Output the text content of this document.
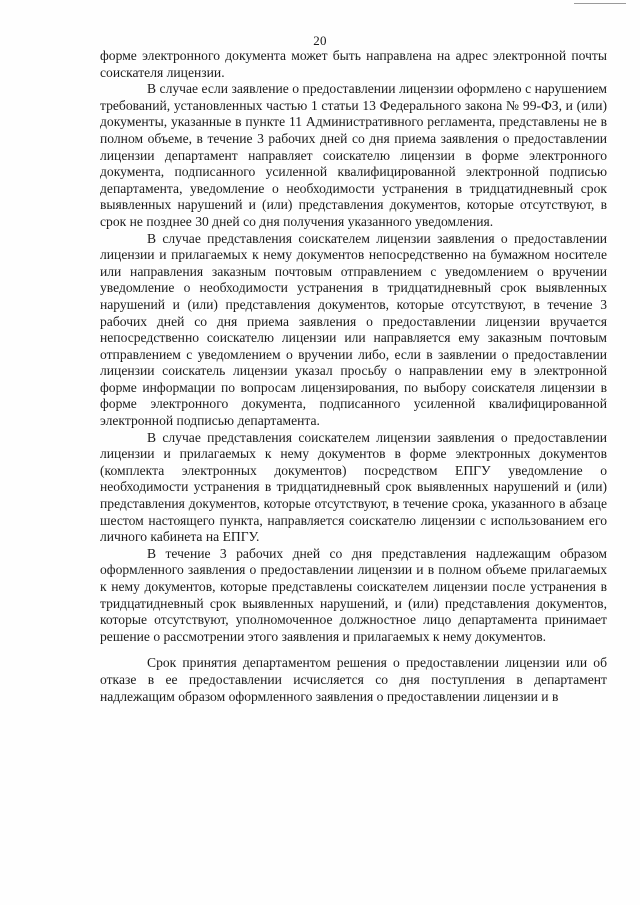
20

форме электронного документа может быть направлена на адрес электронной почты соискателя лицензии.

В случае если заявление о предоставлении лицензии оформлено с нарушением требований, установленных частью 1 статьи 13 Федерального закона № 99-ФЗ, и (или) документы, указанные в пункте 11 Административного регламента, представлены не в полном объеме, в течение 3 рабочих дней со дня приема заявления о предоставлении лицензии департамент направляет соискателю лицензии в форме электронного документа, подписанного усиленной квалифицированной электронной подписью департамента, уведомление о необходимости устранения в тридцатидневный срок выявленных нарушений и (или) представления документов, которые отсутствуют, в срок не позднее 30 дней со дня получения указанного уведомления.

В случае представления соискателем лицензии заявления о предоставлении лицензии и прилагаемых к нему документов непосредственно на бумажном носителе или направления заказным почтовым отправлением с уведомлением о вручении уведомление о необходимости устранения в тридцатидневный срок выявленных нарушений и (или) представления документов, которые отсутствуют, в течение 3 рабочих дней со дня приема заявления о предоставлении лицензии вручается непосредственно соискателю лицензии или направляется ему заказным почтовым отправлением с уведомлением о вручении либо, если в заявлении о предоставлении лицензии соискатель лицензии указал просьбу о направлении ему в электронной форме информации по вопросам лицензирования, по выбору соискателя лицензии в форме электронного документа, подписанного усиленной квалифицированной электронной подписью департамента.

В случае представления соискателем лицензии заявления о предоставлении лицензии и прилагаемых к нему документов в форме электронных документов (комплекта электронных документов) посредством ЕПГУ уведомление о необходимости устранения в тридцатидневный срок выявленных нарушений и (или) представления документов, которые отсутствуют, в течение срока, указанного в абзаце шестом настоящего пункта, направляется соискателю лицензии с использованием его личного кабинета на ЕПГУ.

В течение 3 рабочих дней со дня представления надлежащим образом оформленного заявления о предоставлении лицензии и в полном объеме прилагаемых к нему документов, которые представлены соискателем лицензии после устранения в тридцатидневный срок выявленных нарушений, и (или) представления документов, которые отсутствуют, уполномоченное должностное лицо департамента принимает решение о рассмотрении этого заявления и прилагаемых к нему документов.

Срок принятия департаментом решения о предоставлении лицензии или об отказе в ее предоставлении исчисляется со дня поступления в департамент надлежащим образом оформленного заявления о предоставлении лицензии и в
